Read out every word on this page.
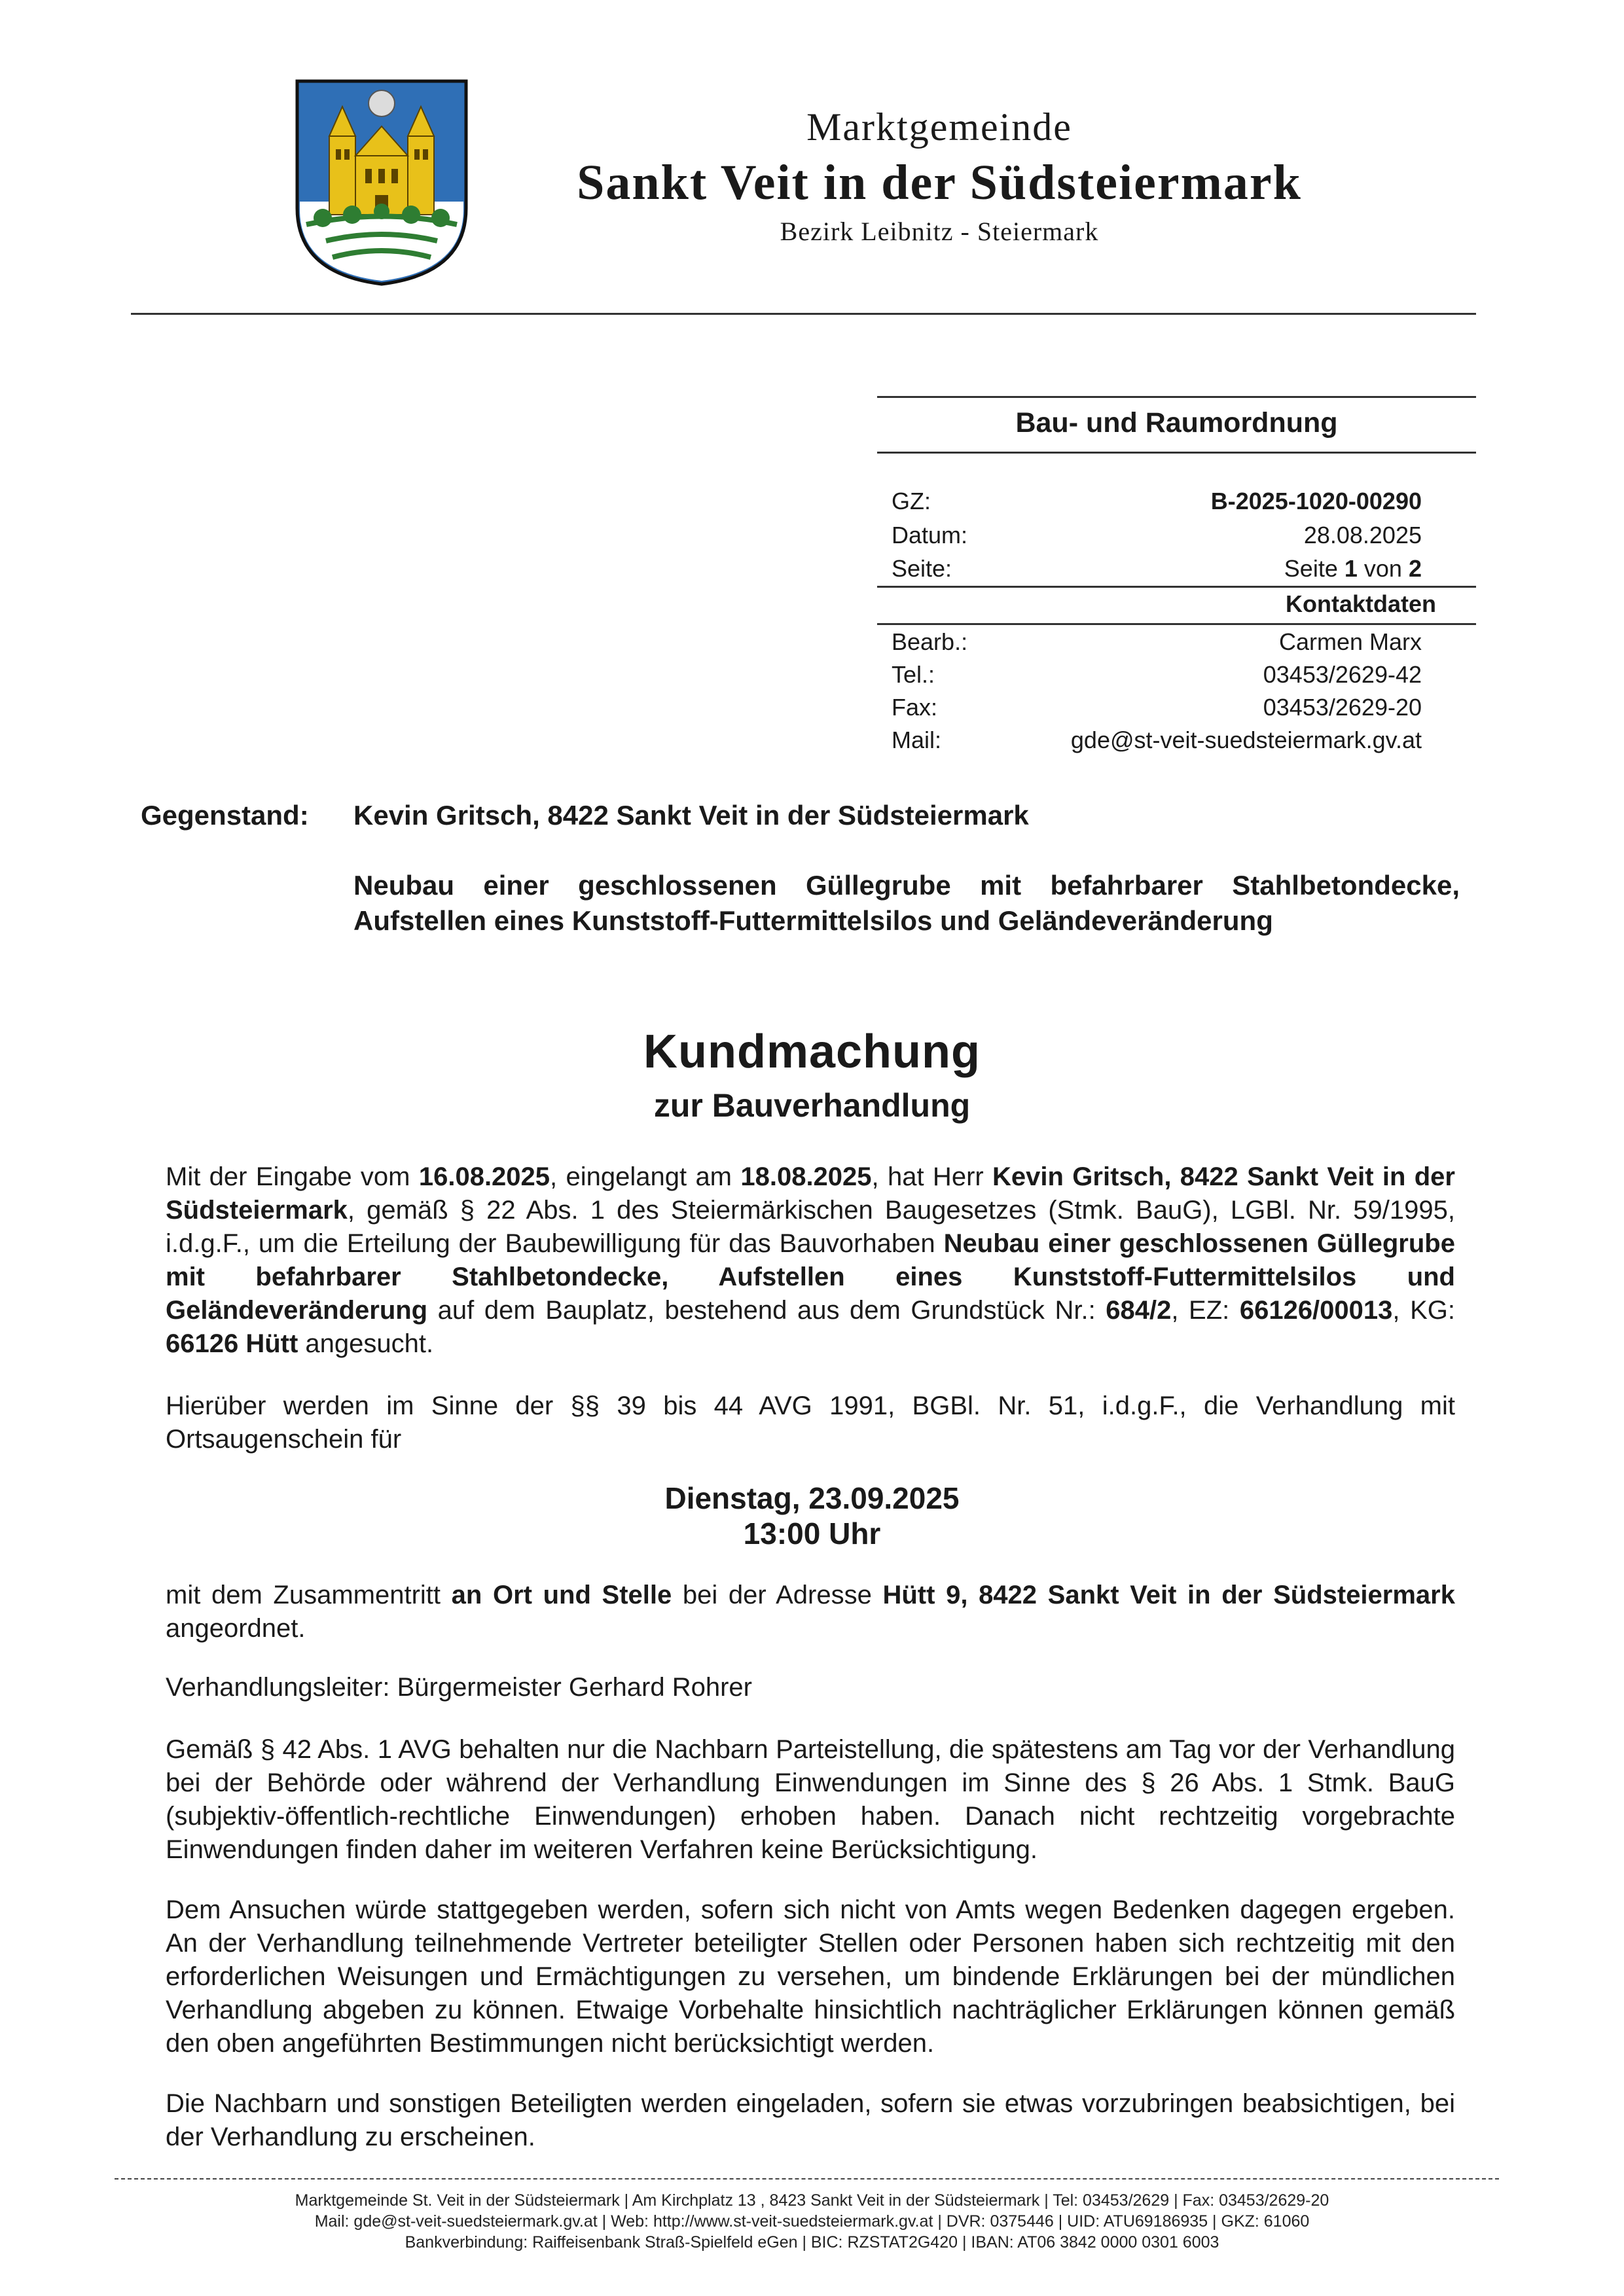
Marktgemeinde
Sankt Veit in der Südsteiermark
Bezirk Leibnitz - Steiermark
Bau- und Raumordnung
GZ:	B-2025-1020-00290
Datum:	28.08.2025
Seite:	Seite 1 von 2
Kontaktdaten
Bearb.:	Carmen Marx
Tel.:	03453/2629-42
Fax:	03453/2629-20
Mail:	gde@st-veit-suedsteiermark.gv.at
Gegenstand: Kevin Gritsch, 8422 Sankt Veit in der Südsteiermark
Neubau einer geschlossenen Güllegrube mit befahrbarer Stahlbetondecke, Aufstellen eines Kunststoff-Futtermittelsilos und Geländeveränderung
Kundmachung
zur Bauverhandlung
Mit der Eingabe vom 16.08.2025, eingelangt am 18.08.2025, hat Herr Kevin Gritsch, 8422 Sankt Veit in der Südsteiermark, gemäß § 22 Abs. 1 des Steiermärkischen Baugesetzes (Stmk. BauG), LGBl. Nr. 59/1995, i.d.g.F., um die Erteilung der Baubewilligung für das Bauvorhaben Neubau einer geschlossenen Güllegrube mit befahrbarer Stahlbetondecke, Aufstellen eines Kunststoff-Futtermittelsilos und Geländeveränderung auf dem Bauplatz, bestehend aus dem Grundstück Nr.: 684/2, EZ: 66126/00013, KG: 66126 Hütt angesucht.
Hierüber werden im Sinne der §§ 39 bis 44 AVG 1991, BGBl. Nr. 51, i.d.g.F., die Verhandlung mit Ortsaugenschein für
Dienstag, 23.09.2025
13:00 Uhr
mit dem Zusammentritt an Ort und Stelle bei der Adresse Hütt 9, 8422 Sankt Veit in der Südsteiermark angeordnet.
Verhandlungsleiter: Bürgermeister Gerhard Rohrer
Gemäß § 42 Abs. 1 AVG behalten nur die Nachbarn Parteistellung, die spätestens am Tag vor der Verhandlung bei der Behörde oder während der Verhandlung Einwendungen im Sinne des § 26 Abs. 1 Stmk. BauG (subjektiv-öffentlich-rechtliche Einwendungen) erhoben haben. Danach nicht rechtzeitig vorgebrachte Einwendungen finden daher im weiteren Verfahren keine Berücksichtigung.
Dem Ansuchen würde stattgegeben werden, sofern sich nicht von Amts wegen Bedenken dagegen ergeben. An der Verhandlung teilnehmende Vertreter beteiligter Stellen oder Personen haben sich rechtzeitig mit den erforderlichen Weisungen und Ermächtigungen zu versehen, um bindende Erklärungen bei der mündlichen Verhandlung abgeben zu können. Etwaige Vorbehalte hinsichtlich nachträglicher Erklärungen können gemäß den oben angeführten Bestimmungen nicht berücksichtigt werden.
Die Nachbarn und sonstigen Beteiligten werden eingeladen, sofern sie etwas vorzubringen beabsichtigen, bei der Verhandlung zu erscheinen.
Marktgemeinde St. Veit in der Südsteiermark | Am Kirchplatz 13 , 8423 Sankt Veit in der Südsteiermark | Tel: 03453/2629 | Fax: 03453/2629-20
Mail: gde@st-veit-suedsteiermark.gv.at | Web: http://www.st-veit-suedsteiermark.gv.at | DVR: 0375446 | UID: ATU69186935 | GKZ: 61060
Bankverbindung: Raiffeisenbank Straß-Spielfeld eGen | BIC: RZSTAT2G420 | IBAN: AT06 3842 0000 0301 6003
